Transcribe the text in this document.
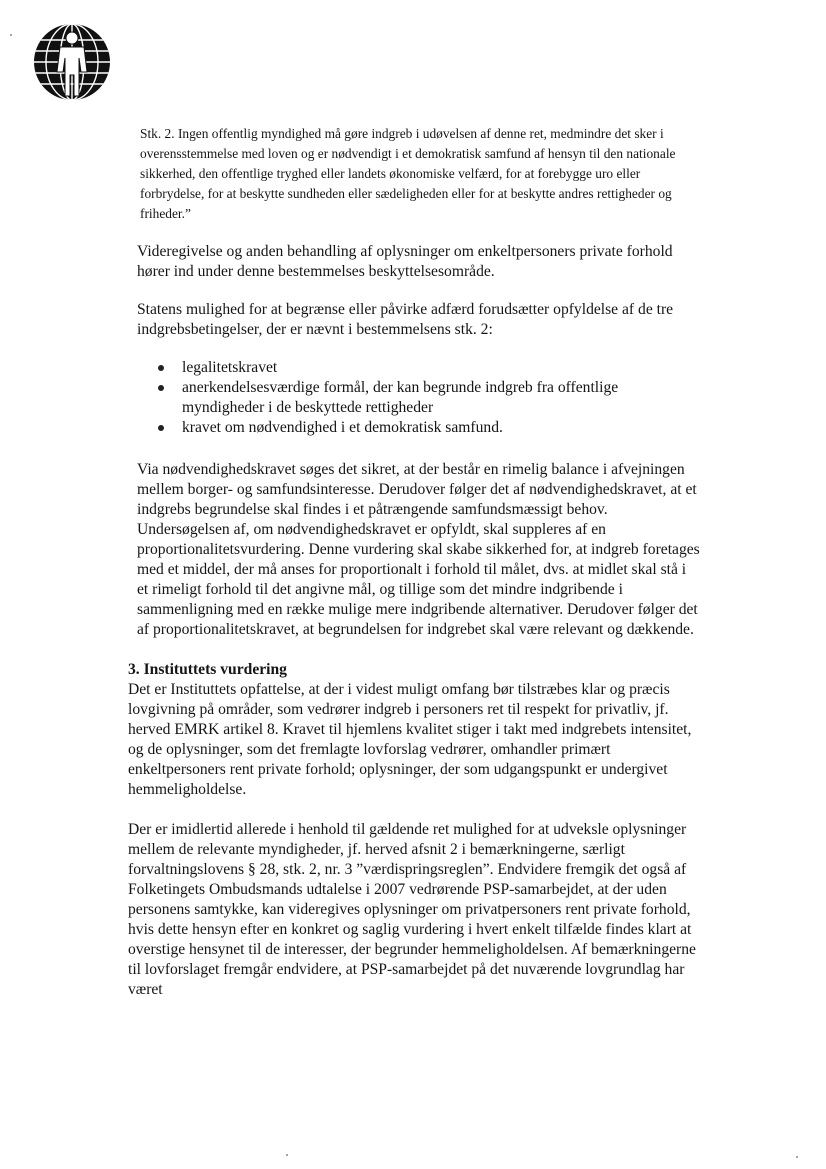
Stk. 2. Ingen offentlig myndighed må gøre indgreb i udøvelsen af denne ret, medmindre det sker i overensstemmelse med loven og er nødvendigt i et demokratisk samfund af hensyn til den nationale sikkerhed, den offentlige tryghed eller landets økonomiske velfærd, for at forebygge uro eller forbrydelse, for at beskytte sundheden eller sædeligheden eller for at beskytte andres rettigheder og friheder.”

Videregivelse og anden behandling af oplysninger om enkeltpersoners private forhold hører ind under denne bestemmelses beskyttelsesområde.

Statens mulighed for at begrænse eller påvirke adfærd forudsætter opfyldelse af de tre indgrebsbetingelser, der er nævnt i bestemmelsens stk. 2:

legalitetskravet
anerkendelsesværdige formål, der kan begrunde indgreb fra offentlige myndigheder i de beskyttede rettigheder
kravet om nødvendighed i et demokratisk samfund.

Via nødvendighedskravet søges det sikret, at der består en rimelig balance i afvejningen mellem borger- og samfundsinteresse. Derudover følger det af nødvendighedskravet, at et indgrebs begrundelse skal findes i et påtrængende samfundsmæssigt behov. Undersøgelsen af, om nødvendighedskravet er opfyldt, skal suppleres af en proportionalitetsvurdering. Denne vurdering skal skabe sikkerhed for, at indgreb foretages med et middel, der må anses for proportionalt i forhold til målet, dvs. at midlet skal stå i et rimeligt forhold til det angivne mål, og tillige som det mindre indgribende i sammenligning med en række mulige mere indgribende alternativer. Derudover følger det af proportionalitetskravet, at begrundelsen for indgrebet skal være relevant og dækkende.

3. Instituttets vurdering

Det er Instituttets opfattelse, at der i videst muligt omfang bør tilstræbes klar og præcis lovgivning på områder, som vedrører indgreb i personers ret til respekt for privatliv, jf. herved EMRK artikel 8. Kravet til hjemlens kvalitet stiger i takt med indgrebets intensitet, og de oplysninger, som det fremlagte lovforslag vedrører, omhandler primært enkeltpersoners rent private forhold; oplysninger, der som udgangspunkt er undergivet hemmeligholdelse.

Der er imidlertid allerede i henhold til gældende ret mulighed for at udveksle oplysninger mellem de relevante myndigheder, jf. herved afsnit 2 i bemærkningerne, særligt forvaltningslovens § 28, stk. 2, nr. 3 ”værdispringsreglen”. Endvidere fremgik det også af Folketingets Ombudsmands udtalelse i 2007 vedrørende PSP-samarbejdet, at der uden personens samtykke, kan videregives oplysninger om privatpersoners rent private forhold, hvis dette hensyn efter en konkret og saglig vurdering i hvert enkelt tilfælde findes klart at overstige hensynet til de interesser, der begrunder hemmeligholdelsen. Af bemærkningerne til lovforslaget fremgår endvidere, at PSP-samarbejdet på det nuværende lovgrundlag har været
